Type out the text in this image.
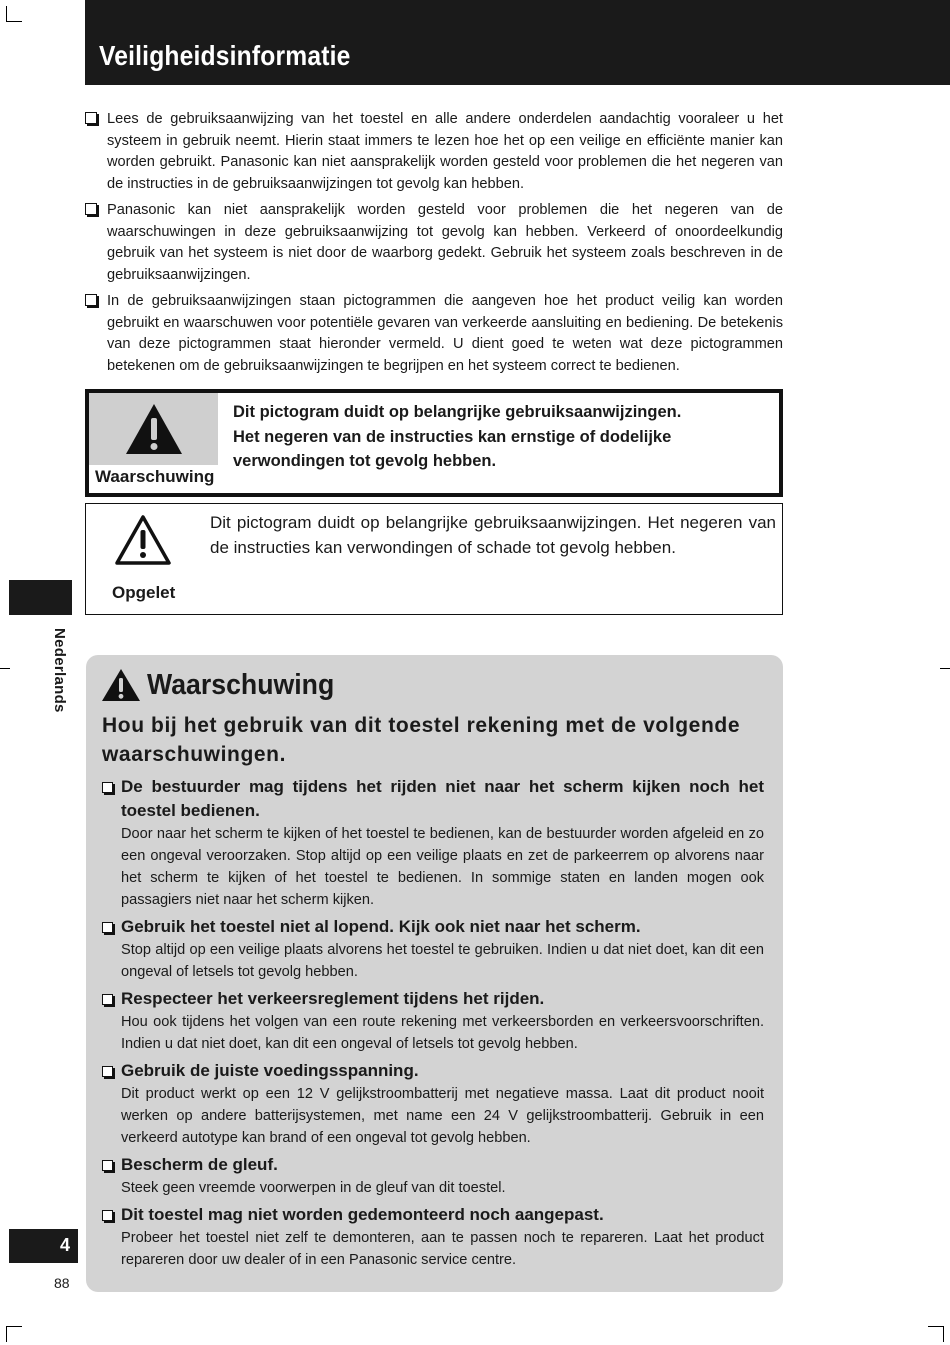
Veiligheidsinformatie
Lees de gebruiksaanwijzing van het toestel en alle andere onderdelen aandachtig vooraleer u het systeem in gebruik neemt. Hierin staat immers te lezen hoe het op een veilige en efficiënte manier kan worden gebruikt. Panasonic kan niet aansprakelijk worden gesteld voor problemen die het negeren van de instructies in de gebruiksaanwijzingen tot gevolg kan hebben.
Panasonic kan niet aansprakelijk worden gesteld voor problemen die het negeren van de waarschuwingen in deze gebruiksaanwijzing tot gevolg kan hebben. Verkeerd of onoordeelkundig gebruik van het systeem is niet door de waarborg gedekt. Gebruik het systeem zoals beschreven in de gebruiksaanwijzingen.
In de gebruiksaanwijzingen staan pictogrammen die aangeven hoe het product veilig kan worden gebruikt en waarschuwen voor potentiële gevaren van verkeerde aansluiting en bediening. De betekenis van deze pictogrammen staat hieronder vermeld. U dient goed te weten wat deze pictogrammen betekenen om de gebruiksaanwijzingen te begrijpen en het systeem correct te bedienen.
Waarschuwing
Dit pictogram duidt op belangrijke gebruiksaanwijzingen.
Het negeren van de instructies kan ernstige of dodelijke verwondingen tot gevolg hebben.
Opgelet
Dit pictogram duidt op belangrijke gebruiksaanwijzingen. Het negeren van de instructies kan verwondingen of schade tot gevolg hebben.
Nederlands	Waarschuwing
Hou bij het gebruik van dit toestel rekening met de volgende waarschuwingen.
De bestuurder mag tijdens het rijden niet naar het scherm kijken noch het toestel bedienen.
Door naar het scherm te kijken of het toestel te bedienen, kan de bestuurder worden afgeleid en zo een ongeval veroorzaken. Stop altijd op een veilige plaats en zet de parkeerrem op alvorens naar het scherm te kijken of het toestel te bedienen. In sommige staten en landen mogen ook passagiers niet naar het scherm kijken.
Gebruik het toestel niet al lopend. Kijk ook niet naar het scherm.
Stop altijd op een veilige plaats alvorens het toestel te gebruiken. Indien u dat niet doet, kan dit een ongeval of letsels tot gevolg hebben.
Respecteer het verkeersreglement tijdens het rijden.
Hou ook tijdens het volgen van een route rekening met verkeersborden en verkeersvoorschriften. Indien u dat niet doet, kan dit een ongeval of letsels tot gevolg hebben.
Gebruik de juiste voedingsspanning.
Dit product werkt op een 12 V gelijkstroombatterij met negatieve massa. Laat dit product nooit werken op andere batterijsystemen, met name een 24 V gelijkstroombatterij. Gebruik in een verkeerd autotype kan brand of een ongeval tot gevolg hebben.
Bescherm de gleuf.
Steek geen vreemde voorwerpen in de gleuf van dit toestel.
Dit toestel mag niet worden gedemonteerd noch aangepast.
Probeer het toestel niet zelf te demonteren, aan te passen noch te repareren. Laat het product repareren door uw dealer of in een Panasonic service centre.
4
88
